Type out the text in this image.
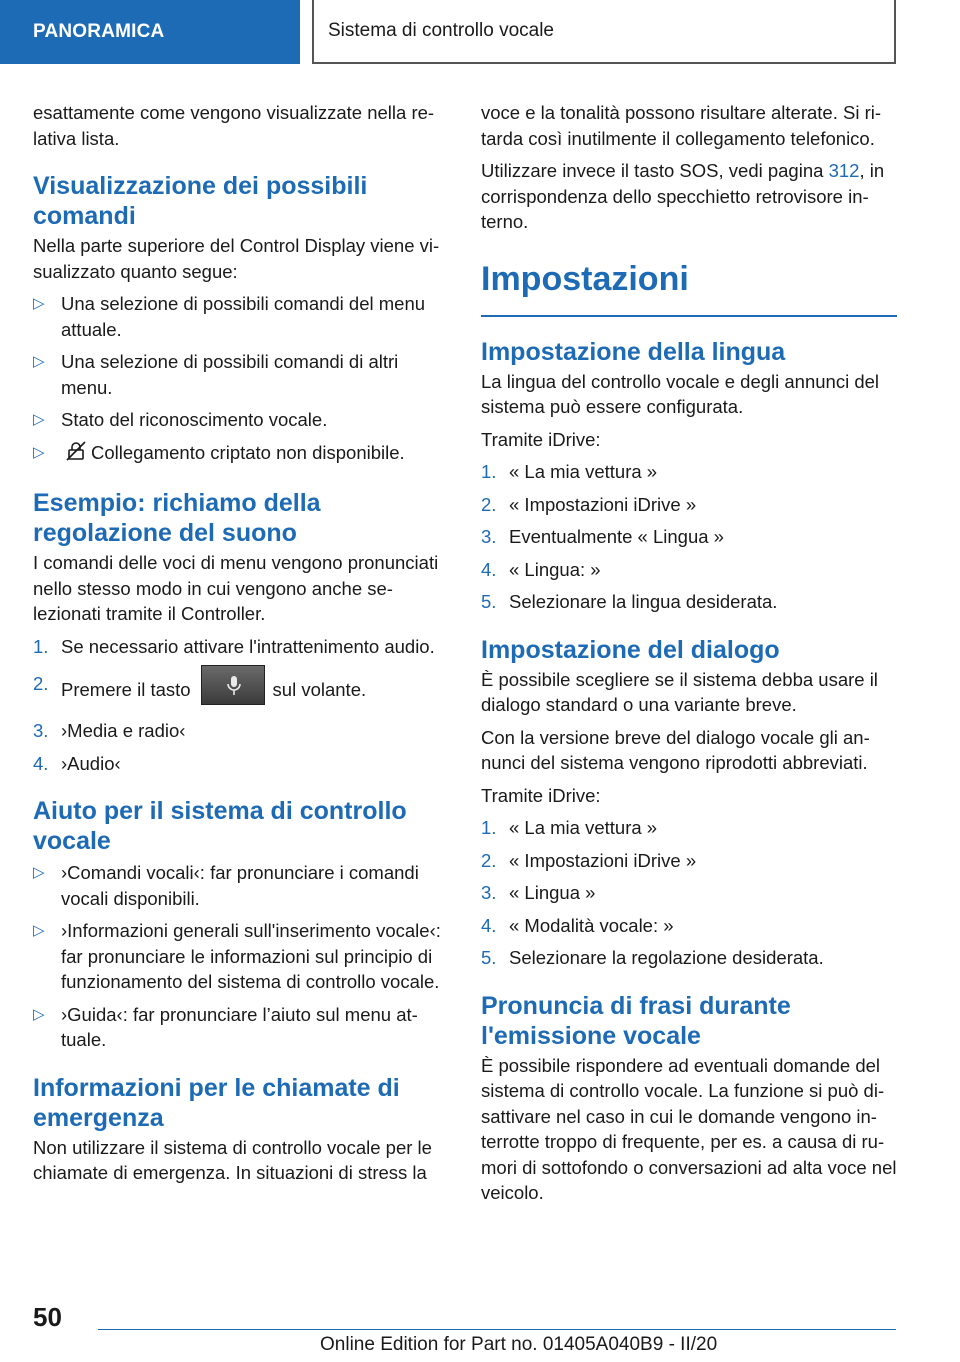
PANORAMICA	Sistema di controllo vocale

esattamente come vengono visualizzate nella relativa lista.

Visualizzazione dei possibili comandi

Nella parte superiore del Control Display viene visualizzato quanto segue:

▷ Una selezione di possibili comandi del menu attuale.
▷ Una selezione di possibili comandi di altri menu.
▷ Stato del riconoscimento vocale.
▷	Collegamento criptato non disponibile.
Esempio: richiamo della regolazione del suono

I comandi delle voci di menu vengono pronunciati nello stesso modo in cui vengono anche selezionati tramite il Controller.

1. Se necessario attivare l'intrattenimento audio.
2. Premere il tasto	sul volante.
3. ›Media e radio‹
4. ›Audio‹
Aiuto per il sistema di controllo vocale
▷ ›Comandi vocali‹: far pronunciare i comandi vocali disponibili.
▷ ›Informazioni generali sull'inserimento vocale‹: far pronunciare le informazioni sul principio di funzionamento del sistema di controllo vocale.
▷ ›Guida‹: far pronunciare l’aiuto sul menu attuale.
Informazioni per le chiamate di emergenza

Non utilizzare il sistema di controllo vocale per le chiamate di emergenza. In situazioni di stress la

voce e la tonalità possono risultare alterate. Si ritarda così inutilmente il collegamento telefonico.

Utilizzare invece il tasto SOS, vedi pagina 312, in corrispondenza dello specchietto retrovisore interno.

Impostazioni
Impostazione della lingua

La lingua del controllo vocale e degli annunci del sistema può essere configurata.

Tramite iDrive:

1. « La mia vettura »
2. « Impostazioni iDrive »
3. Eventualmente « Lingua »
4. « Lingua: »
5. Selezionare la lingua desiderata.
Impostazione del dialogo

È possibile scegliere se il sistema debba usare il dialogo standard o una variante breve.

Con la versione breve del dialogo vocale gli annunci del sistema vengono riprodotti abbreviati.

Tramite iDrive:

1. « La mia vettura »
2. « Impostazioni iDrive »
3. « Lingua »
4. « Modalità vocale: »
5. Selezionare la regolazione desiderata.
Pronuncia di frasi durante l'emissione vocale

È possibile rispondere ad eventuali domande del sistema di controllo vocale. La funzione si può disattivare nel caso in cui le domande vengono interrotte troppo di frequente, per es. a causa di rumori di sottofondo o conversazioni ad alta voce nel veicolo.

50
Online Edition for Part no. 01405A040B9 - II/20
